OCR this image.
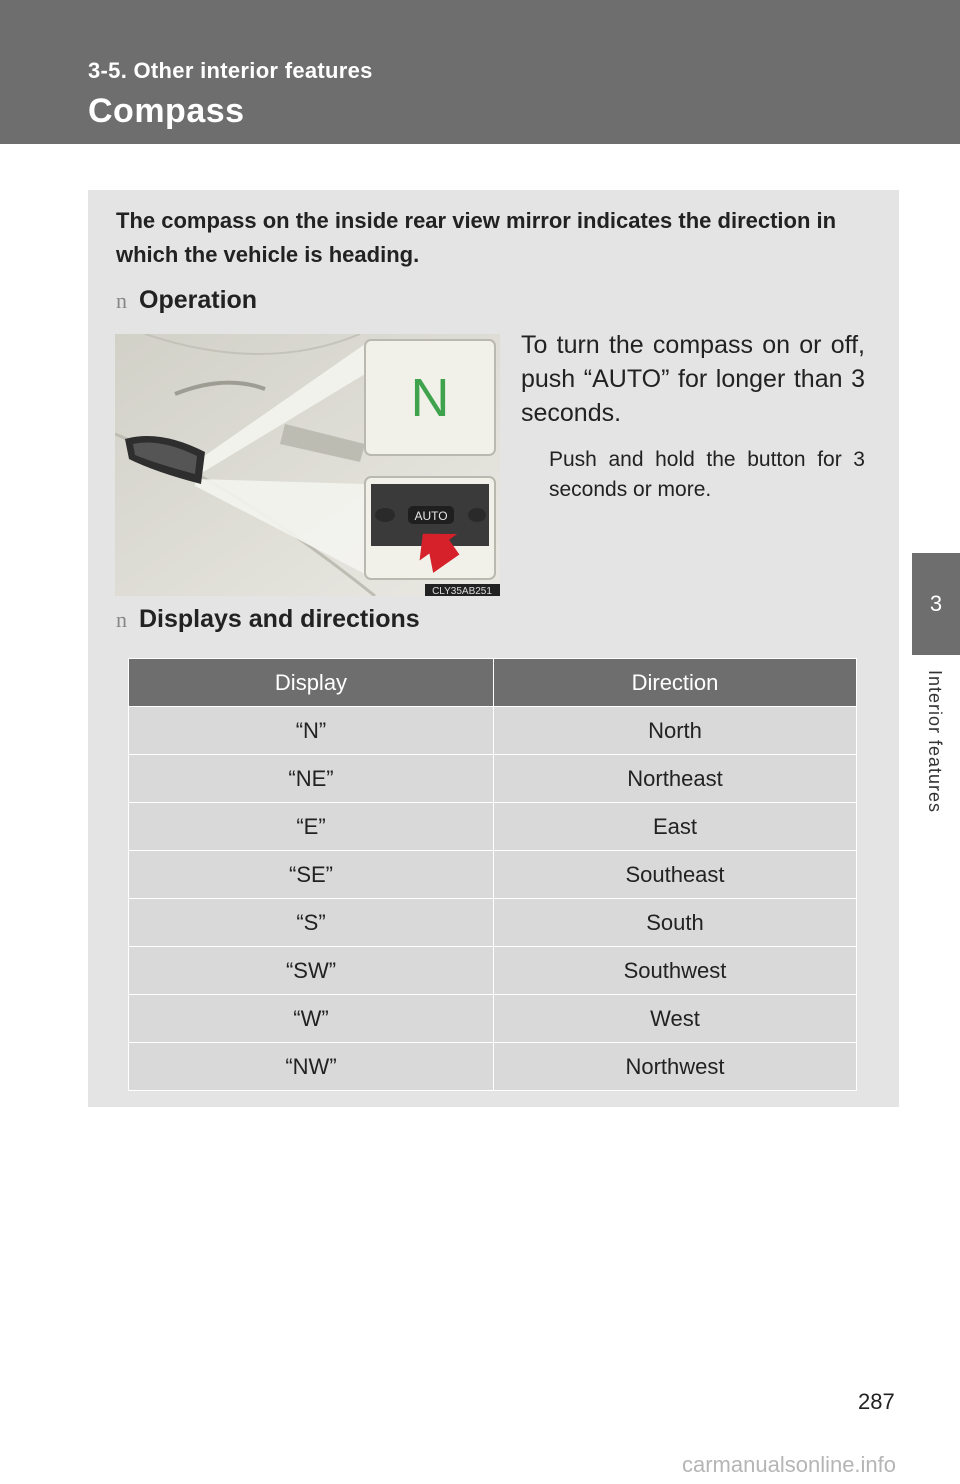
3-5. Other interior features
Compass
3
Interior features
The compass on the inside rear view mirror indicates the direction in which the vehicle is heading.
n Operation
N
AUTO
CLY35AB251
To turn the compass on or off, push “AUTO” for longer than 3 seconds.
Push and hold the button for 3 seconds or more.
n Displays and directions
Display	Direction
“N”	North
“NE”	Northeast
“E”	East
“SE”	Southeast
“S”	South
“SW”	Southwest
“W”	West
“NW”	Northwest
287
carmanualsonline.info
